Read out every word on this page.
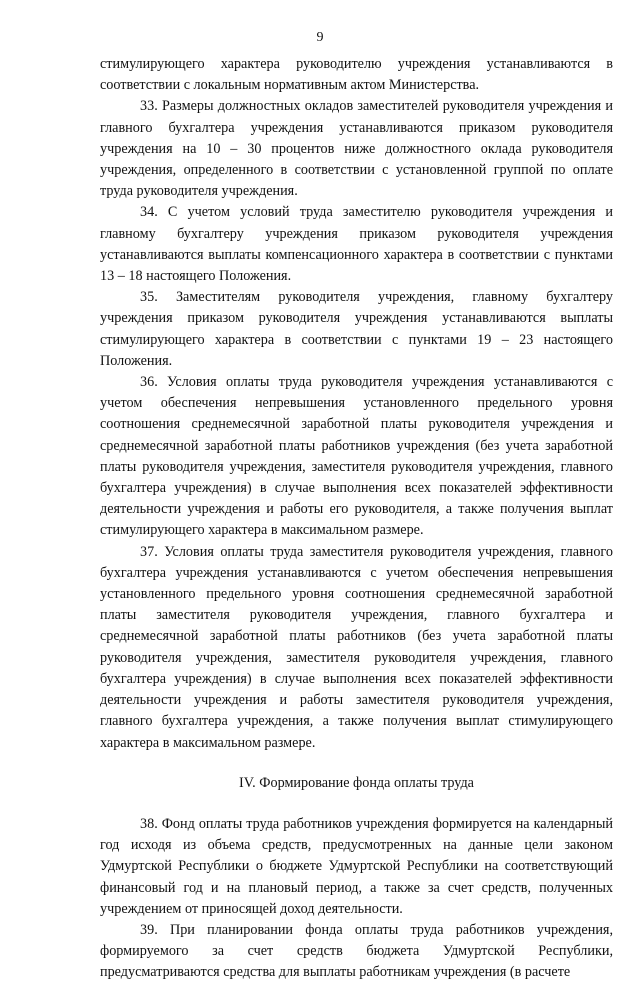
9

стимулирующего характера руководителю учреждения устанавливаются в соответствии с локальным нормативным актом Министерства.

33. Размеры должностных окладов заместителей руководителя учреждения и главного бухгалтера учреждения устанавливаются приказом руководителя учреждения на 10 – 30 процентов ниже должностного оклада руководителя учреждения, определенного в соответствии с установленной группой по оплате труда руководителя учреждения.

34. С учетом условий труда заместителю руководителя учреждения и главному бухгалтеру учреждения приказом руководителя учреждения устанавливаются выплаты компенсационного характера в соответствии с пунктами 13 – 18 настоящего Положения.

35. Заместителям руководителя учреждения, главному бухгалтеру учреждения приказом руководителя учреждения устанавливаются выплаты стимулирующего характера в соответствии с пунктами 19 – 23 настоящего Положения.

36. Условия оплаты труда руководителя учреждения устанавливаются с учетом обеспечения непревышения установленного предельного уровня соотношения среднемесячной заработной платы руководителя учреждения и среднемесячной заработной платы работников учреждения (без учета заработной платы руководителя учреждения, заместителя руководителя учреждения, главного бухгалтера учреждения) в случае выполнения всех показателей эффективности деятельности учреждения и работы его руководителя, а также получения выплат стимулирующего характера в максимальном размере.

37. Условия оплаты труда заместителя руководителя учреждения, главного бухгалтера учреждения устанавливаются с учетом обеспечения непревышения установленного предельного уровня соотношения среднемесячной заработной платы заместителя руководителя учреждения, главного бухгалтера и среднемесячной заработной платы работников (без учета заработной платы руководителя учреждения, заместителя руководителя учреждения, главного бухгалтера учреждения) в случае выполнения всех показателей эффективности деятельности учреждения и работы заместителя руководителя учреждения, главного бухгалтера учреждения, а также получения выплат стимулирующего характера в максимальном размере.

IV. Формирование фонда оплаты труда

38. Фонд оплаты труда работников учреждения формируется на календарный год исходя из объема средств, предусмотренных на данные цели законом Удмуртской Республики о бюджете Удмуртской Республики на соответствующий финансовый год и на плановый период, а также за счет средств, полученных учреждением от приносящей доход деятельности.

39. При планировании фонда оплаты труда работников учреждения, формируемого за счет средств бюджета Удмуртской Республики, предусматриваются средства для выплаты работникам учреждения (в расчете
